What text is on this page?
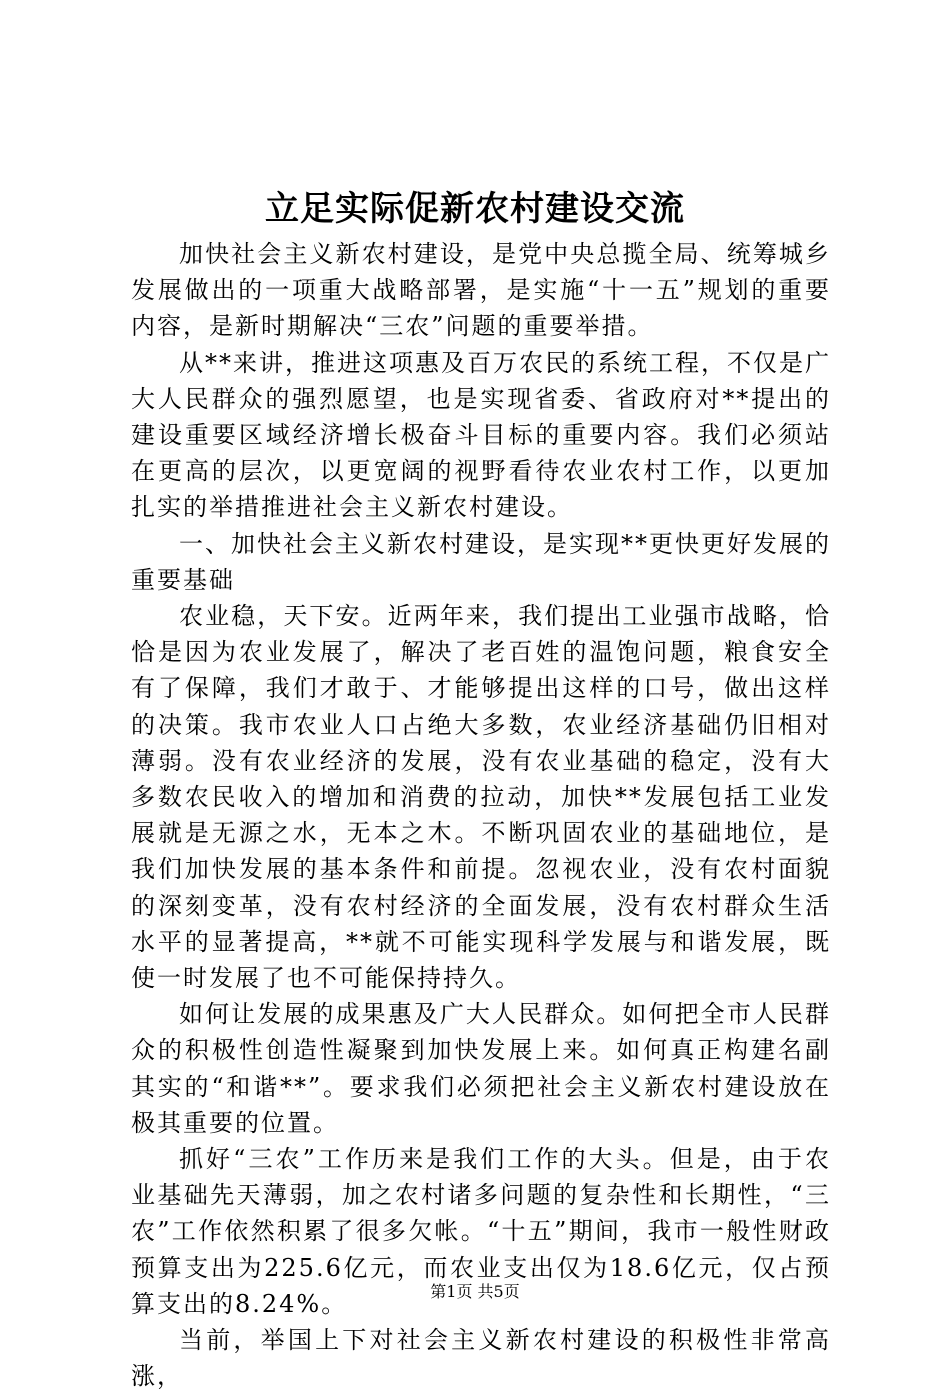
立足实际促新农村建设交流

加快社会主义新农村建设，是党中央总揽全局、统筹城乡发展做出的一项重大战略部署，是实施“十一五”规划的重要内容，是新时期解决“三农”问题的重要举措。

从**来讲，推进这项惠及百万农民的系统工程，不仅是广大人民群众的强烈愿望，也是实现省委、省政府对**提出的建设重要区域经济增长极奋斗目标的重要内容。我们必须站在更高的层次，以更宽阔的视野看待农业农村工作，以更加扎实的举措推进社会主义新农村建设。

一、加快社会主义新农村建设，是实现**更快更好发展的重要基础

农业稳，天下安。近两年来，我们提出工业强市战略，恰恰是因为农业发展了，解决了老百姓的温饱问题，粮食安全有了保障，我们才敢于、才能够提出这样的口号，做出这样的决策。我市农业人口占绝大多数，农业经济基础仍旧相对薄弱。没有农业经济的发展，没有农业基础的稳定，没有大多数农民收入的增加和消费的拉动，加快**发展包括工业发展就是无源之水，无本之木。不断巩固农业的基础地位，是我们加快发展的基本条件和前提。忽视农业，没有农村面貌的深刻变革，没有农村经济的全面发展，没有农村群众生活水平的显著提高，**就不可能实现科学发展与和谐发展，既使一时发展了也不可能保持持久。

如何让发展的成果惠及广大人民群众。如何把全市人民群众的积极性创造性凝聚到加快发展上来。如何真正构建名副其实的“和谐**”。要求我们必须把社会主义新农村建设放在极其重要的位置。

抓好“三农”工作历来是我们工作的大头。但是，由于农业基础先天薄弱，加之农村诸多问题的复杂性和长期性，“三农”工作依然积累了很多欠帐。“十五”期间，我市一般性财政预算支出为225.6亿元，而农业支出仅为18.6亿元，仅占预算支出的8.24%。

当前，举国上下对社会主义新农村建设的积极性非常高涨，

第1页 共5页
